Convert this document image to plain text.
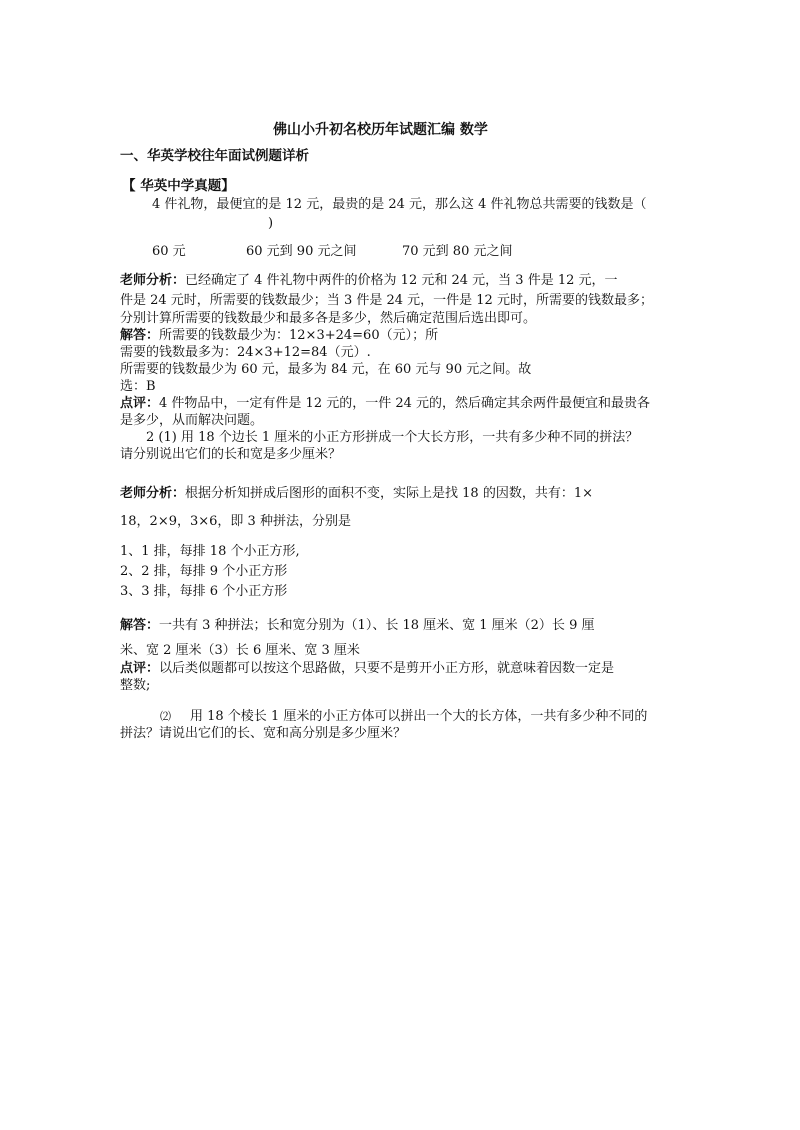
佛山小升初名校历年试题汇编 数学
一、华英学校往年面试例题详析
【 华英中学真题】
4 件礼物，最便宜的是 12 元，最贵的是 24 元，那么这 4 件礼物总共需要的钱数是（
)
60 元	60 元到 90 元之间	70 元到 80 元之间
老师分析：已经确定了 4 件礼物中两件的价格为 12 元和 24 元，当 3 件是 12 元，一
件是 24 元时，所需要的钱数最少；当 3 件是 24 元，一件是 12 元时，所需要的钱数最多；
分别计算所需要的钱数最少和最多各是多少，然后确定范围后选出即可。
解答：所需要的钱数最少为：12×3+24=60（元）；所
需要的钱数最多为：24×3+12=84（元）.
所需要的钱数最少为 60 元，最多为 84 元，在 60 元与 90 元之间。故
选：B
点评：4 件物品中，一定有件是 12 元的，一件 24 元的，然后确定其余两件最便宜和最贵各
是多少，从而解决问题。
2 (1) 用 18 个边长 1 厘米的小正方形拼成一个大长方形，一共有多少种不同的拼法？
请分别说出它们的长和宽是多少厘米？
老师分析：根据分析知拼成后图形的面积不变，实际上是找 18 的因数，共有：1×
18，2×9，3×6，即 3 种拼法，分别是
1、1 排，每排 18 个小正方形,
2、2 排，每排 9 个小正方形
3、3 排，每排 6 个小正方形
解答：一共有 3 种拼法；长和宽分别为（1）、长 18 厘米、宽 1 厘米（2）长 9 厘
米、宽 2 厘米（3）长 6 厘米、宽 3 厘米
点评：以后类似题都可以按这个思路做，只要不是剪开小正方形，就意味着因数一定是
整数;
⑵ 用 18 个棱长 1 厘米的小正方体可以拼出一个大的长方体，一共有多少种不同的
拼法？请说出它们的长、宽和高分别是多少厘米？
